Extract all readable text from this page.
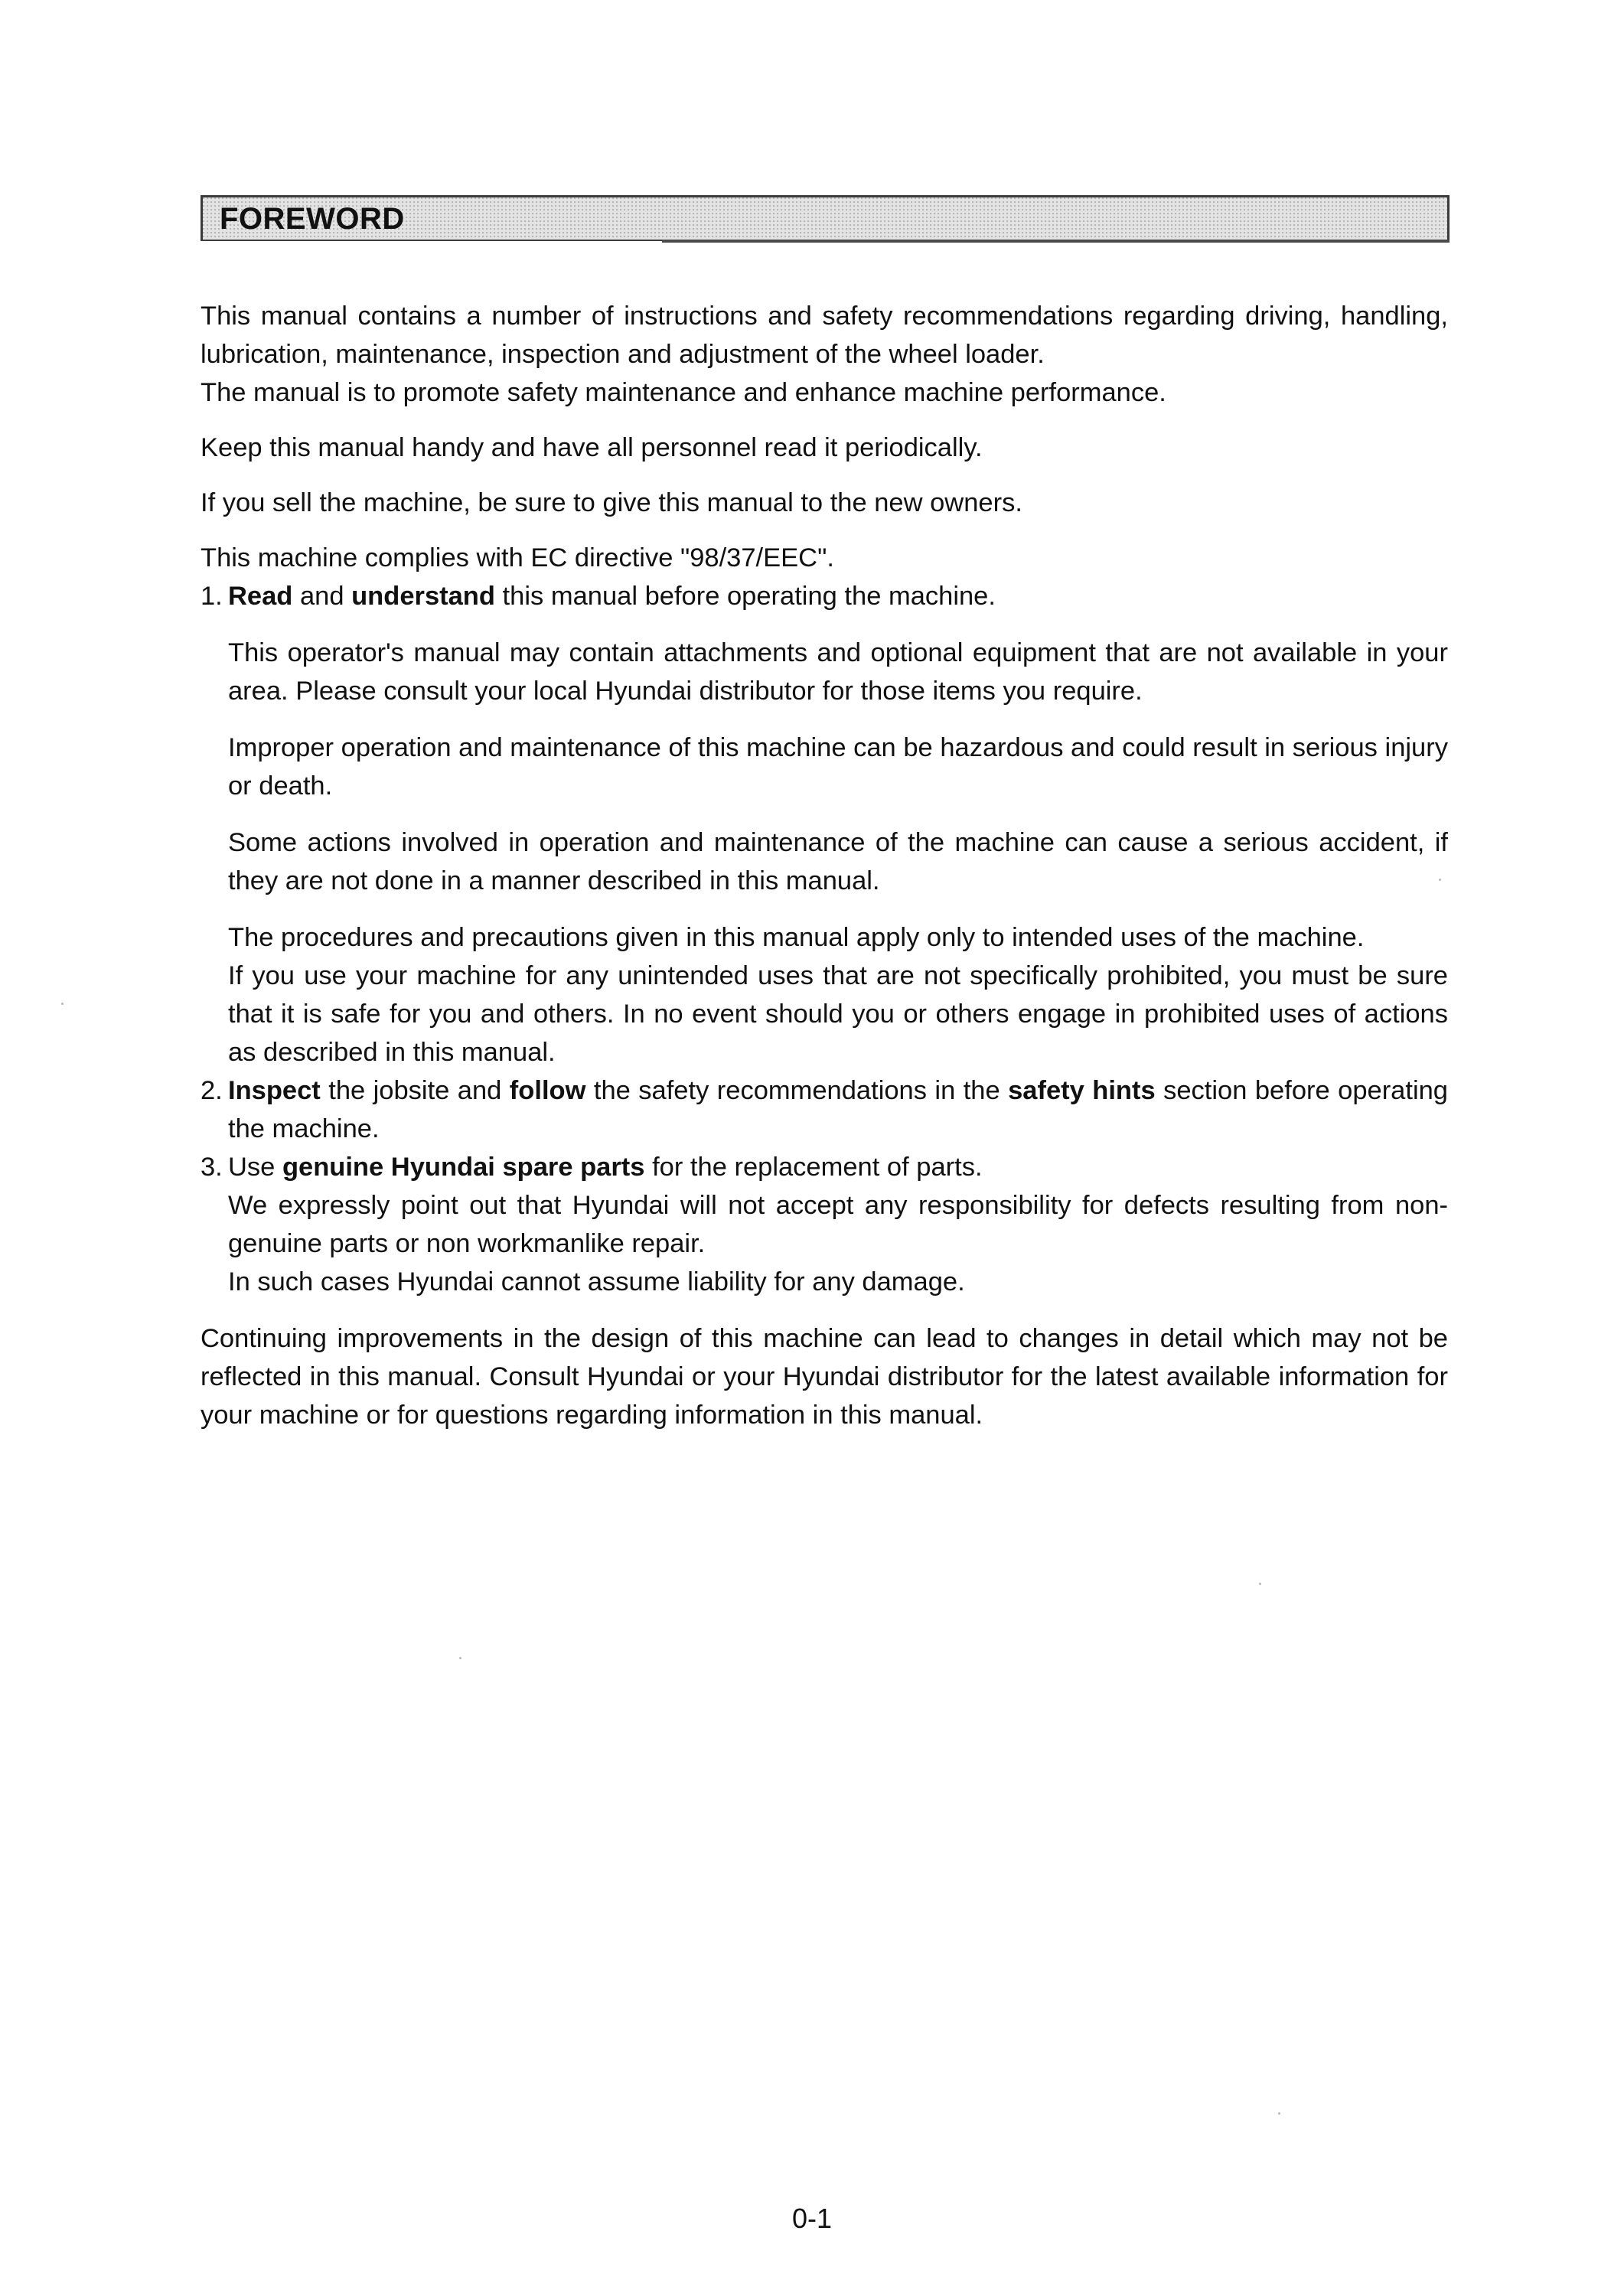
FOREWORD

This manual contains a number of instructions and safety recommendations regarding driving, handling, lubrication, maintenance, inspection and adjustment of the wheel loader.

The manual is to promote safety maintenance and enhance machine performance.

Keep this manual handy and have all personnel read it periodically.

If you sell the machine, be sure to give this manual to the new owners.

This machine complies with EC directive "98/37/EEC".

1. Read and understand this manual before operating the machine.

This operator's manual may contain attachments and optional equipment that are not available in your area. Please consult your local Hyundai distributor for those items you require.

Improper operation and maintenance of this machine can be hazardous and could result in serious injury or death.

Some actions involved in operation and maintenance of the machine can cause a serious accident, if they are not done in a manner described in this manual.

The procedures and precautions given in this manual apply only to intended uses of the machine.

If you use your machine for any unintended uses that are not specifically prohibited, you must be sure that it is safe for you and others. In no event should you or others engage in prohibited uses of actions as described in this manual.

2. Inspect the jobsite and follow the safety recommendations in the safety hints section before operating the machine.
3. Use genuine Hyundai spare parts for the replacement of parts.

We expressly point out that Hyundai will not accept any responsibility for defects resulting from non-genuine parts or non workmanlike repair.

In such cases Hyundai cannot assume liability for any damage.

Continuing improvements in the design of this machine can lead to changes in detail which may not be reflected in this manual. Consult Hyundai or your Hyundai distributor for the latest available information for your machine or for questions regarding information in this manual.

0-1
